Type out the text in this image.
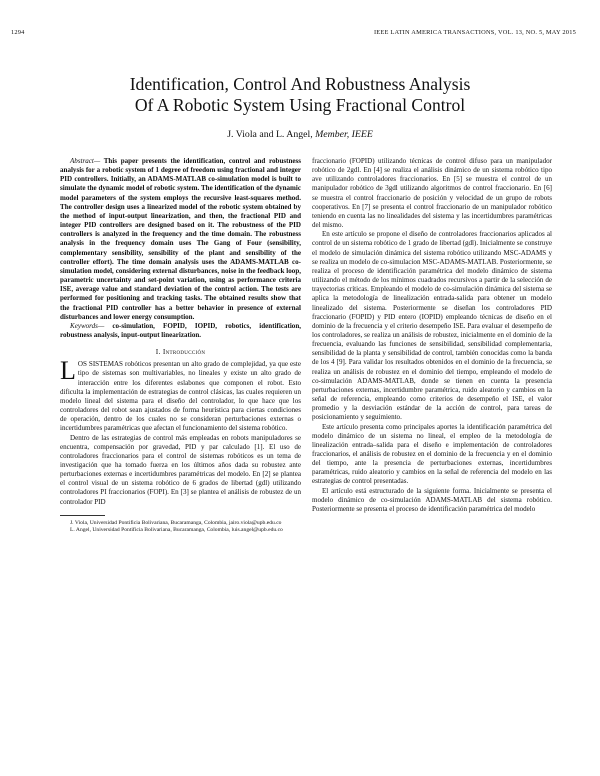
1294	IEEE LATIN AMERICA TRANSACTIONS, VOL. 13, NO. 5, MAY 2015
Identification, Control And Robustness Analysis
Of A Robotic System Using Fractional Control
J. Viola and L. Angel, Member, IEEE

Abstract— This paper presents the identification, control and robustness analysis for a robotic system of 1 degree of freedom using fractional and integer PID controllers. Initially, an ADAMS-MATLAB co-simulation model is built to simulate the dynamic model of robotic system. The identification of the dynamic model parameters of the system employs the recursive least-squares method. The controller design uses a linearized model of the robotic system obtained by the method of input-output linearization, and then, the fractional PID and integer PID controllers are designed based on it. The robustness of the PID controllers is analyzed in the frequency and the time domain. The robustness analysis in the frequency domain uses The Gang of Four (sensibility, complementary sensibility, sensibility of the plant and sensibility of the controller effort). The time domain analysis uses the ADAMS-MATLAB co-simulation model, considering external disturbances, noise in the feedback loop, parametric uncertainty and set-point variation, using as performance criteria ISE, average value and standard deviation of the control action. The tests are performed for positioning and tracking tasks. The obtained results show that the fractional PID controller has a better behavior in presence of external disturbances and lower energy consumption.

Keywords— co-simulation, FOPID, IOPID, robotics, identification, robustness analysis, input-output linearization.

I. Introducción

LOS SISTEMAS robóticos presentan un alto grado de complejidad, ya que este tipo de sistemas son multivariables, no lineales y existe un alto grado de interacción entre los diferentes eslabones que componen el robot. Esto dificulta la implementación de estrategias de control clásicas, las cuales requieren un modelo lineal del sistema para el diseño del controlador, lo que hace que los controladores del robot sean ajustados de forma heurística para ciertas condiciones de operación, dentro de los cuales no se consideran perturbaciones externas o incertidumbres paramétricas que afectan el funcionamiento del sistema robótico.

Dentro de las estrategias de control más empleadas en robots manipuladores se encuentra, compensación por gravedad, PID y par calculado [1]. El uso de controladores fraccionarios para el control de sistemas robóticos es un tema de investigación que ha tomado fuerza en los últimos años dada su robustez ante perturbaciones externas e incertidumbres paramétricas del modelo. En [2] se plantea el control visual de un sistema robótico de 6 grados de libertad (gdl) utilizando controladores PI fraccionarios (FOPI). En [3] se plantea el análisis de robustez de un controlador PID

J. Viola, Universidad Pontificia Bolivariana, Bucaramanga, Colombia, jairo.viola@upb.edu.co

L. Angel, Universidad Pontificia Bolivariana, Bucaramanga, Colombia, luis.angel@upb.edu.co

fraccionario (FOPID) utilizando técnicas de control difuso para un manipulador robótico de 2gdl. En [4] se realiza el análisis dinámico de un sistema robótico tipo ave utilizando controladores fraccionarios. En [5] se muestra el control de un manipulador robótico de 3gdl utilizando algoritmos de control fraccionario. En [6] se muestra el control fraccionario de posición y velocidad de un grupo de robots cooperativos. En [7] se presenta el control fraccionario de un manipulador robótico teniendo en cuenta las no linealidades del sistema y las incertidumbres paramétricas del mismo.

En este artículo se propone el diseño de controladores fraccionarios aplicados al control de un sistema robótico de 1 grado de libertad (gdl). Inicialmente se construye el modelo de simulación dinámica del sistema robótico utilizando MSC-ADAMS y se realiza un modelo de co-simulacion MSC-ADAMS-MATLAB. Posteriormente, se realiza el proceso de identificación paramétrica del modelo dinámico de sistema utilizando el método de los mínimos cuadrados recursivos a partir de la selección de trayectorias críticas. Empleando el modelo de co-simulación dinámica del sistema se aplica la metodología de linealización entrada-salida para obtener un modelo linealizado del sistema. Posteriormente se diseñan los controladores PID fraccionario (FOPID) y PID entero (IOPID) empleando técnicas de diseño en el dominio de la frecuencia y el criterio desempeño ISE. Para evaluar el desempeño de los controladores, se realiza un análisis de robustez, inicialmente en el dominio de la frecuencia, evaluando las funciones de sensibilidad, sensibilidad complementaria, sensibilidad de la planta y sensibilidad de control, también conocidas como la banda de los 4 [9]. Para validar los resultados obtenidos en el dominio de la frecuencia, se realiza un análisis de robustez en el dominio del tiempo, empleando el modelo de co-simulación ADAMS-MATLAB, donde se tienen en cuenta la presencia perturbaciones externas, incertidumbre paramétrica, ruido aleatorio y cambios en la señal de referencia, empleando como criterios de desempeño el ISE, el valor promedio y la desviación estándar de la acción de control, para tareas de posicionamiento y seguimiento.

Este artículo presenta como principales aportes la identificación paramétrica del modelo dinámico de un sistema no lineal, el empleo de la metodología de linealización entrada–salida para el diseño e implementación de controladores fraccionarios, el análisis de robustez en el dominio de la frecuencia y en el dominio del tiempo, ante la presencia de perturbaciones externas, incertidumbres paramétricas, ruido aleatorio y cambios en la señal de referencia del modelo en las estrategias de control presentadas.

El artículo está estructurado de la siguiente forma. Inicialmente se presenta el modelo dinámico de co-simulación ADAMS-MATLAB del sistema robótico. Posteriormente se presenta el proceso de identificación paramétrica del modelo
